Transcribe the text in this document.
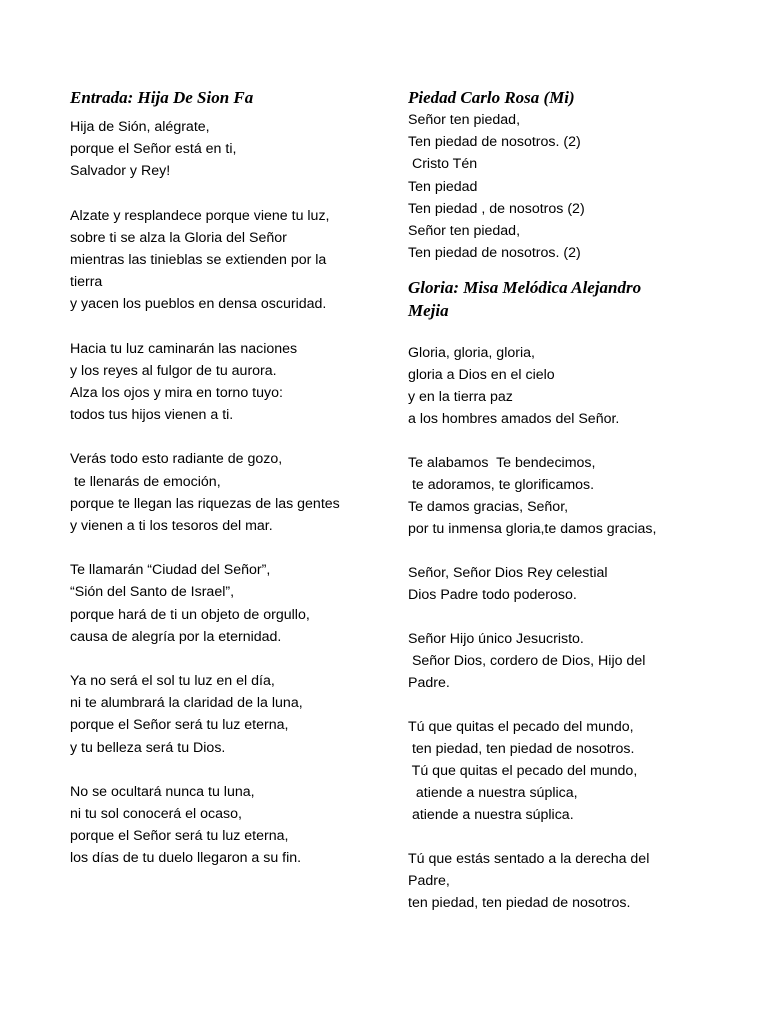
Entrada: Hija De Sion Fa
Hija de Sión, alégrate,
porque el Señor está en ti,
Salvador y Rey!
Alzate y resplandece porque viene tu luz,
sobre ti se alza la Gloria del Señor
mientras las tinieblas se extienden por la
tierra
y yacen los pueblos en densa oscuridad.
Hacia tu luz caminarán las naciones
y los reyes al fulgor de tu aurora.
Alza los ojos y mira en torno tuyo:
todos tus hijos vienen a ti.
Verás todo esto radiante de gozo,
te llenarás de emoción,
porque te llegan las riquezas de las gentes
y vienen a ti los tesoros del mar.
Te llamarán “Ciudad del Señor”,
“Sión del Santo de Israel”,
porque hará de ti un objeto de orgullo,
causa de alegría por la eternidad.
Ya no será el sol tu luz en el día,
ni te alumbrará la claridad de la luna,
porque el Señor será tu luz eterna,
y tu belleza será tu Dios.
No se ocultará nunca tu luna,
ni tu sol conocerá el ocaso,
porque el Señor será tu luz eterna,
los días de tu duelo llegaron a su fin.
Piedad Carlo Rosa (Mi)
Señor ten piedad,
Ten piedad de nosotros. (2)
Cristo Tén
Ten piedad
Ten piedad , de nosotros (2)
Señor ten piedad,
Ten piedad de nosotros. (2)
Gloria: Misa Melódica Alejandro
Mejia
Gloria, gloria, gloria,
gloria a Dios en el cielo
y en la tierra paz
a los hombres amados del Señor.
Te alabamos  Te bendecimos,
te adoramos, te glorificamos.
Te damos gracias, Señor,
por tu inmensa gloria,te damos gracias,
Señor, Señor Dios Rey celestial
Dios Padre todo poderoso.
Señor Hijo único Jesucristo.
Señor Dios, cordero de Dios, Hijo del
Padre.
Tú que quitas el pecado del mundo,
ten piedad, ten piedad de nosotros.
Tú que quitas el pecado del mundo,
atiende a nuestra súplica,
atiende a nuestra súplica.
Tú que estás sentado a la derecha del
Padre,
ten piedad, ten piedad de nosotros.
